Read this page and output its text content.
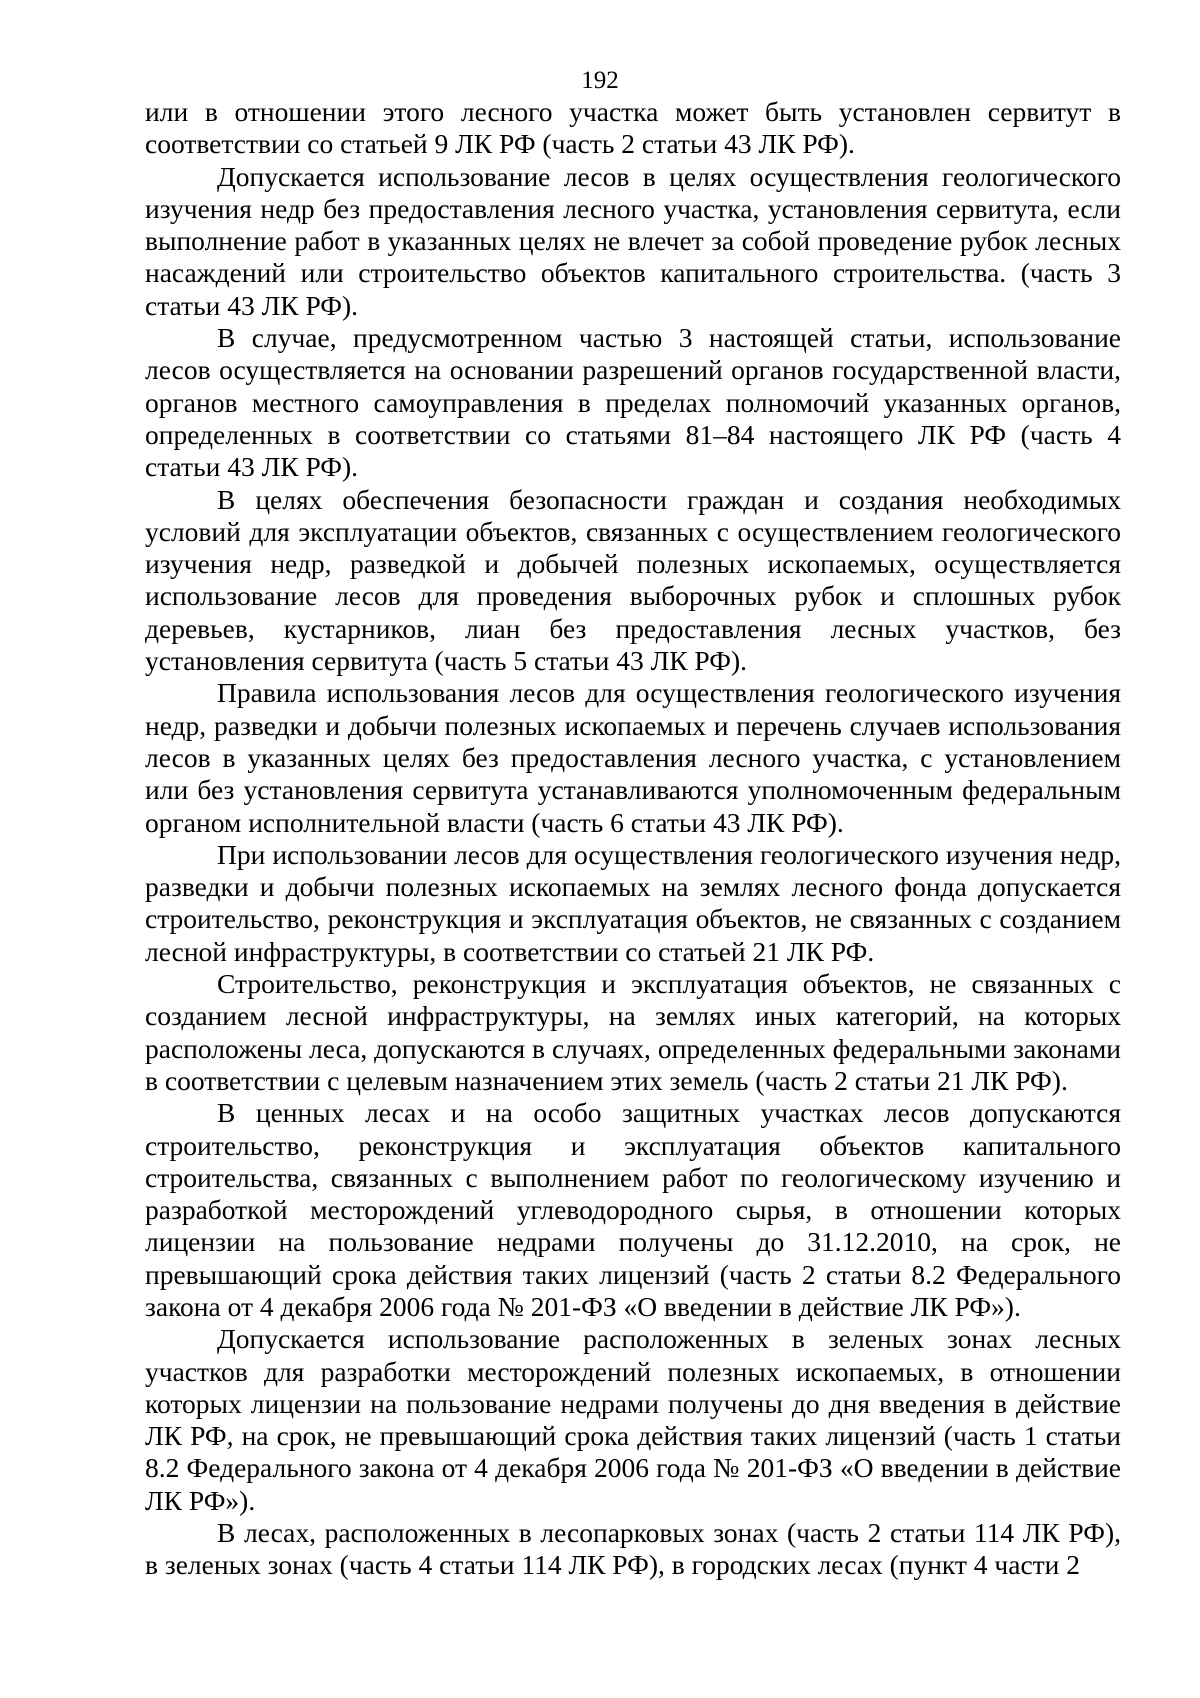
192

или в отношении этого лесного участка может быть установлен сервитут в соответствии со статьей 9 ЛК РФ (часть 2 статьи 43 ЛК РФ).

Допускается использование лесов в целях осуществления геологического изучения недр без предоставления лесного участка, установления сервитута, если выполнение работ в указанных целях не влечет за собой проведение рубок лесных насаждений или строительство объектов капитального строительства. (часть 3 статьи 43 ЛК РФ).

В случае, предусмотренном частью 3 настоящей статьи, использование лесов осуществляется на основании разрешений органов государственной власти, органов местного самоуправления в пределах полномочий указанных органов, определенных в соответствии со статьями 81–84 настоящего ЛК РФ (часть 4 статьи 43 ЛК РФ).

В целях обеспечения безопасности граждан и создания необходимых условий для эксплуатации объектов, связанных с осуществлением геологического изучения недр, разведкой и добычей полезных ископаемых, осуществляется использование лесов для проведения выборочных рубок и сплошных рубок деревьев, кустарников, лиан без предоставления лесных участков, без установления сервитута (часть 5 статьи 43 ЛК РФ).

Правила использования лесов для осуществления геологического изучения недр, разведки и добычи полезных ископаемых и перечень случаев использования лесов в указанных целях без предоставления лесного участка, с установлением или без установления сервитута устанавливаются уполномоченным федеральным органом исполнительной власти (часть 6 статьи 43 ЛК РФ).

При использовании лесов для осуществления геологического изучения недр, разведки и добычи полезных ископаемых на землях лесного фонда допускается строительство, реконструкция и эксплуатация объектов, не связанных с созданием лесной инфраструктуры, в соответствии со статьей 21 ЛК РФ.

Строительство, реконструкция и эксплуатация объектов, не связанных с созданием лесной инфраструктуры, на землях иных категорий, на которых расположены леса, допускаются в случаях, определенных федеральными законами в соответствии с целевым назначением этих земель (часть 2 статьи 21 ЛК РФ).

В ценных лесах и на особо защитных участках лесов допускаются строительство, реконструкция и эксплуатация объектов капитального строительства, связанных с выполнением работ по геологическому изучению и разработкой месторождений углеводородного сырья, в отношении которых лицензии на пользование недрами получены до 31.12.2010, на срок, не превышающий срока действия таких лицензий (часть 2 статьи 8.2 Федерального закона от 4 декабря 2006 года № 201-ФЗ «О введении в действие ЛК РФ»).

Допускается использование расположенных в зеленых зонах лесных участков для разработки месторождений полезных ископаемых, в отношении которых лицензии на пользование недрами получены до дня введения в действие ЛК РФ, на срок, не превышающий срока действия таких лицензий (часть 1 статьи 8.2 Федерального закона от 4 декабря 2006 года № 201-ФЗ «О введении в действие ЛК РФ»).

В лесах, расположенных в лесопарковых зонах (часть 2 статьи 114 ЛК РФ), в зеленых зонах (часть 4 статьи 114 ЛК РФ), в городских лесах (пункт 4 части 2
